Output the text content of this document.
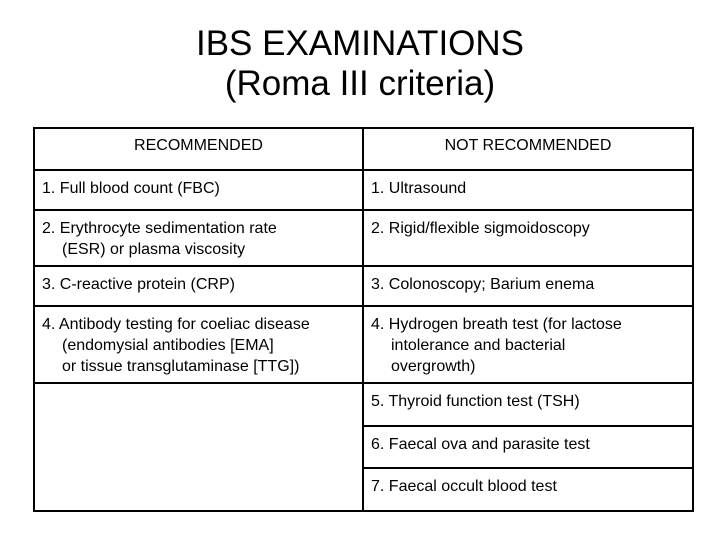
IBS EXAMINATIONS
(Roma III criteria)
RECOMMENDED	NOT RECOMMENDED

1. Full blood count (FBC)	1. Ultrasound

2. Erythrocyte sedimentation rate
(ESR) or plasma viscosity	2. Rigid/flexible sigmoidoscopy

3. C-reactive protein (CRP)	3. Colonoscopy; Barium enema

4. Antibody testing for coeliac disease
(endomysial antibodies [EMA]
or tissue transglutaminase [TTG])	4. Hydrogen breath test (for lactose
intolerance and bacterial
overgrowth)

	5. Thyroid function test (TSH)

	6. Faecal ova and parasite test

	7. Faecal occult blood test
